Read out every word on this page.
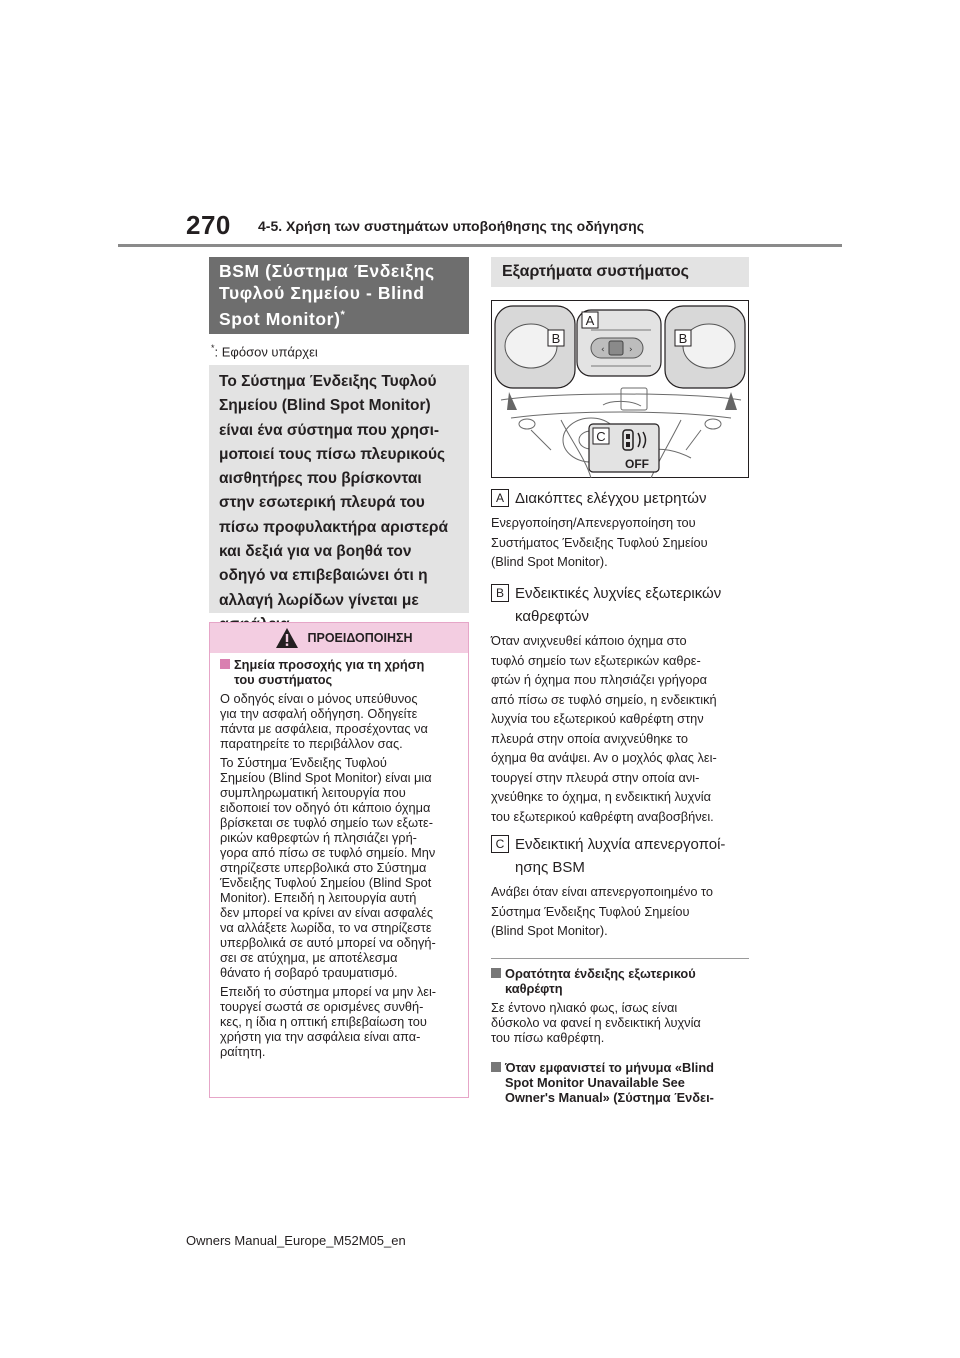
270 4-5. Χρήση των συστημάτων υποβοήθησης της οδήγησης
BSM (Σύστημα Ένδειξης
Τυφλού Σημείου - Blind
Spot Monitor)*
*: Εφόσον υπάρχει
Το Σύστημα Ένδειξης Τυφλού
Σημείου (Blind Spot Monitor)
είναι ένα σύστημα που χρησι-
μοποιεί τους πίσω πλευρικούς
αισθητήρες που βρίσκονται
στην εσωτερική πλευρά του
πίσω προφυλακτήρα αριστερά
και δεξιά για να βοηθά τον
οδηγό να επιβεβαιώνει ότι η
αλλαγή λωρίδων γίνεται με
ΠΡΟΕΙΔΟΠΟΙΗΣΗ
Σημεία προσοχής για τη χρήση
του συστήματος
Ο οδηγός είναι ο μόνος υπεύθυνος
για την ασφαλή οδήγηση. Οδηγείτε
πάντα με ασφάλεια, προσέχοντας να
παρατηρείτε το περιβάλλον σας.
Το Σύστημα Ένδειξης Τυφλού
Σημείου (Blind Spot Monitor) είναι μια
συμπληρωματική λειτουργία που
ειδοποιεί τον οδηγό ότι κάποιο όχημα
βρίσκεται σε τυφλό σημείο των εξωτε-
ρικών καθρεφτών ή πλησιάζει γρή-
γορα από πίσω σε τυφλό σημείο. Μην
στηρίζεστε υπερβολικά στο Σύστημα
Ένδειξης Τυφλού Σημείου (Blind Spot
Monitor). Επειδή η λειτουργία αυτή
δεν μπορεί να κρίνει αν είναι ασφαλές
να αλλάξετε λωρίδα, το να στηρίζεστε
υπερβολικά σε αυτό μπορεί να οδηγή-
σει σε ατύχημα, με αποτέλεσμα
θάνατο ή σοβαρό τραυματισμό.
Επειδή το σύστημα μπορεί να μην λει-
τουργεί σωστά σε ορισμένες συνθή-
κες, η ίδια η οπτική επιβεβαίωση του
χρήστη για την ασφάλεια είναι απα-
ραίτητη.
Εξαρτήματα συστήματος
‹	›
A
B	B
C
OFF
A Διακόπτες ελέγχου μετρητών
Ενεργοποίηση/Απενεργοποίηση του
Συστήματος Ένδειξης Τυφλού Σημείου
(Blind Spot Monitor).
B Ενδεικτικές λυχνίες εξωτερικών
καθρεφτών
Όταν ανιχνευθεί κάποιο όχημα στο
τυφλό σημείο των εξωτερικών καθρε-
φτών ή όχημα που πλησιάζει γρήγορα
από πίσω σε τυφλό σημείο, η ενδεικτική
λυχνία του εξωτερικού καθρέφτη στην
πλευρά στην οποία ανιχνεύθηκε το
όχημα θα ανάψει. Αν ο μοχλός φλας λει-
τουργεί στην πλευρά στην οποία ανι-
χνεύθηκε το όχημα, η ενδεικτική λυχνία
του εξωτερικού καθρέφτη αναβοσβήνει.
C Ενδεικτική λυχνία απενεργοποί-
ησης BSM
Ανάβει όταν είναι απενεργοποιημένο το
Σύστημα Ένδειξης Τυφλού Σημείου
(Blind Spot Monitor).
Ορατότητα ένδειξης εξωτερικού
καθρέφτη
Σε έντονο ηλιακό φως, ίσως είναι
δύσκολο να φανεί η ενδεικτική λυχνία
του πίσω καθρέφτη.
Όταν εμφανιστεί το μήνυμα «Blind
Spot Monitor Unavailable See
Owner's Manual» (Σύστημα Ένδει-
Owners Manual_Europe_M52M05_en
